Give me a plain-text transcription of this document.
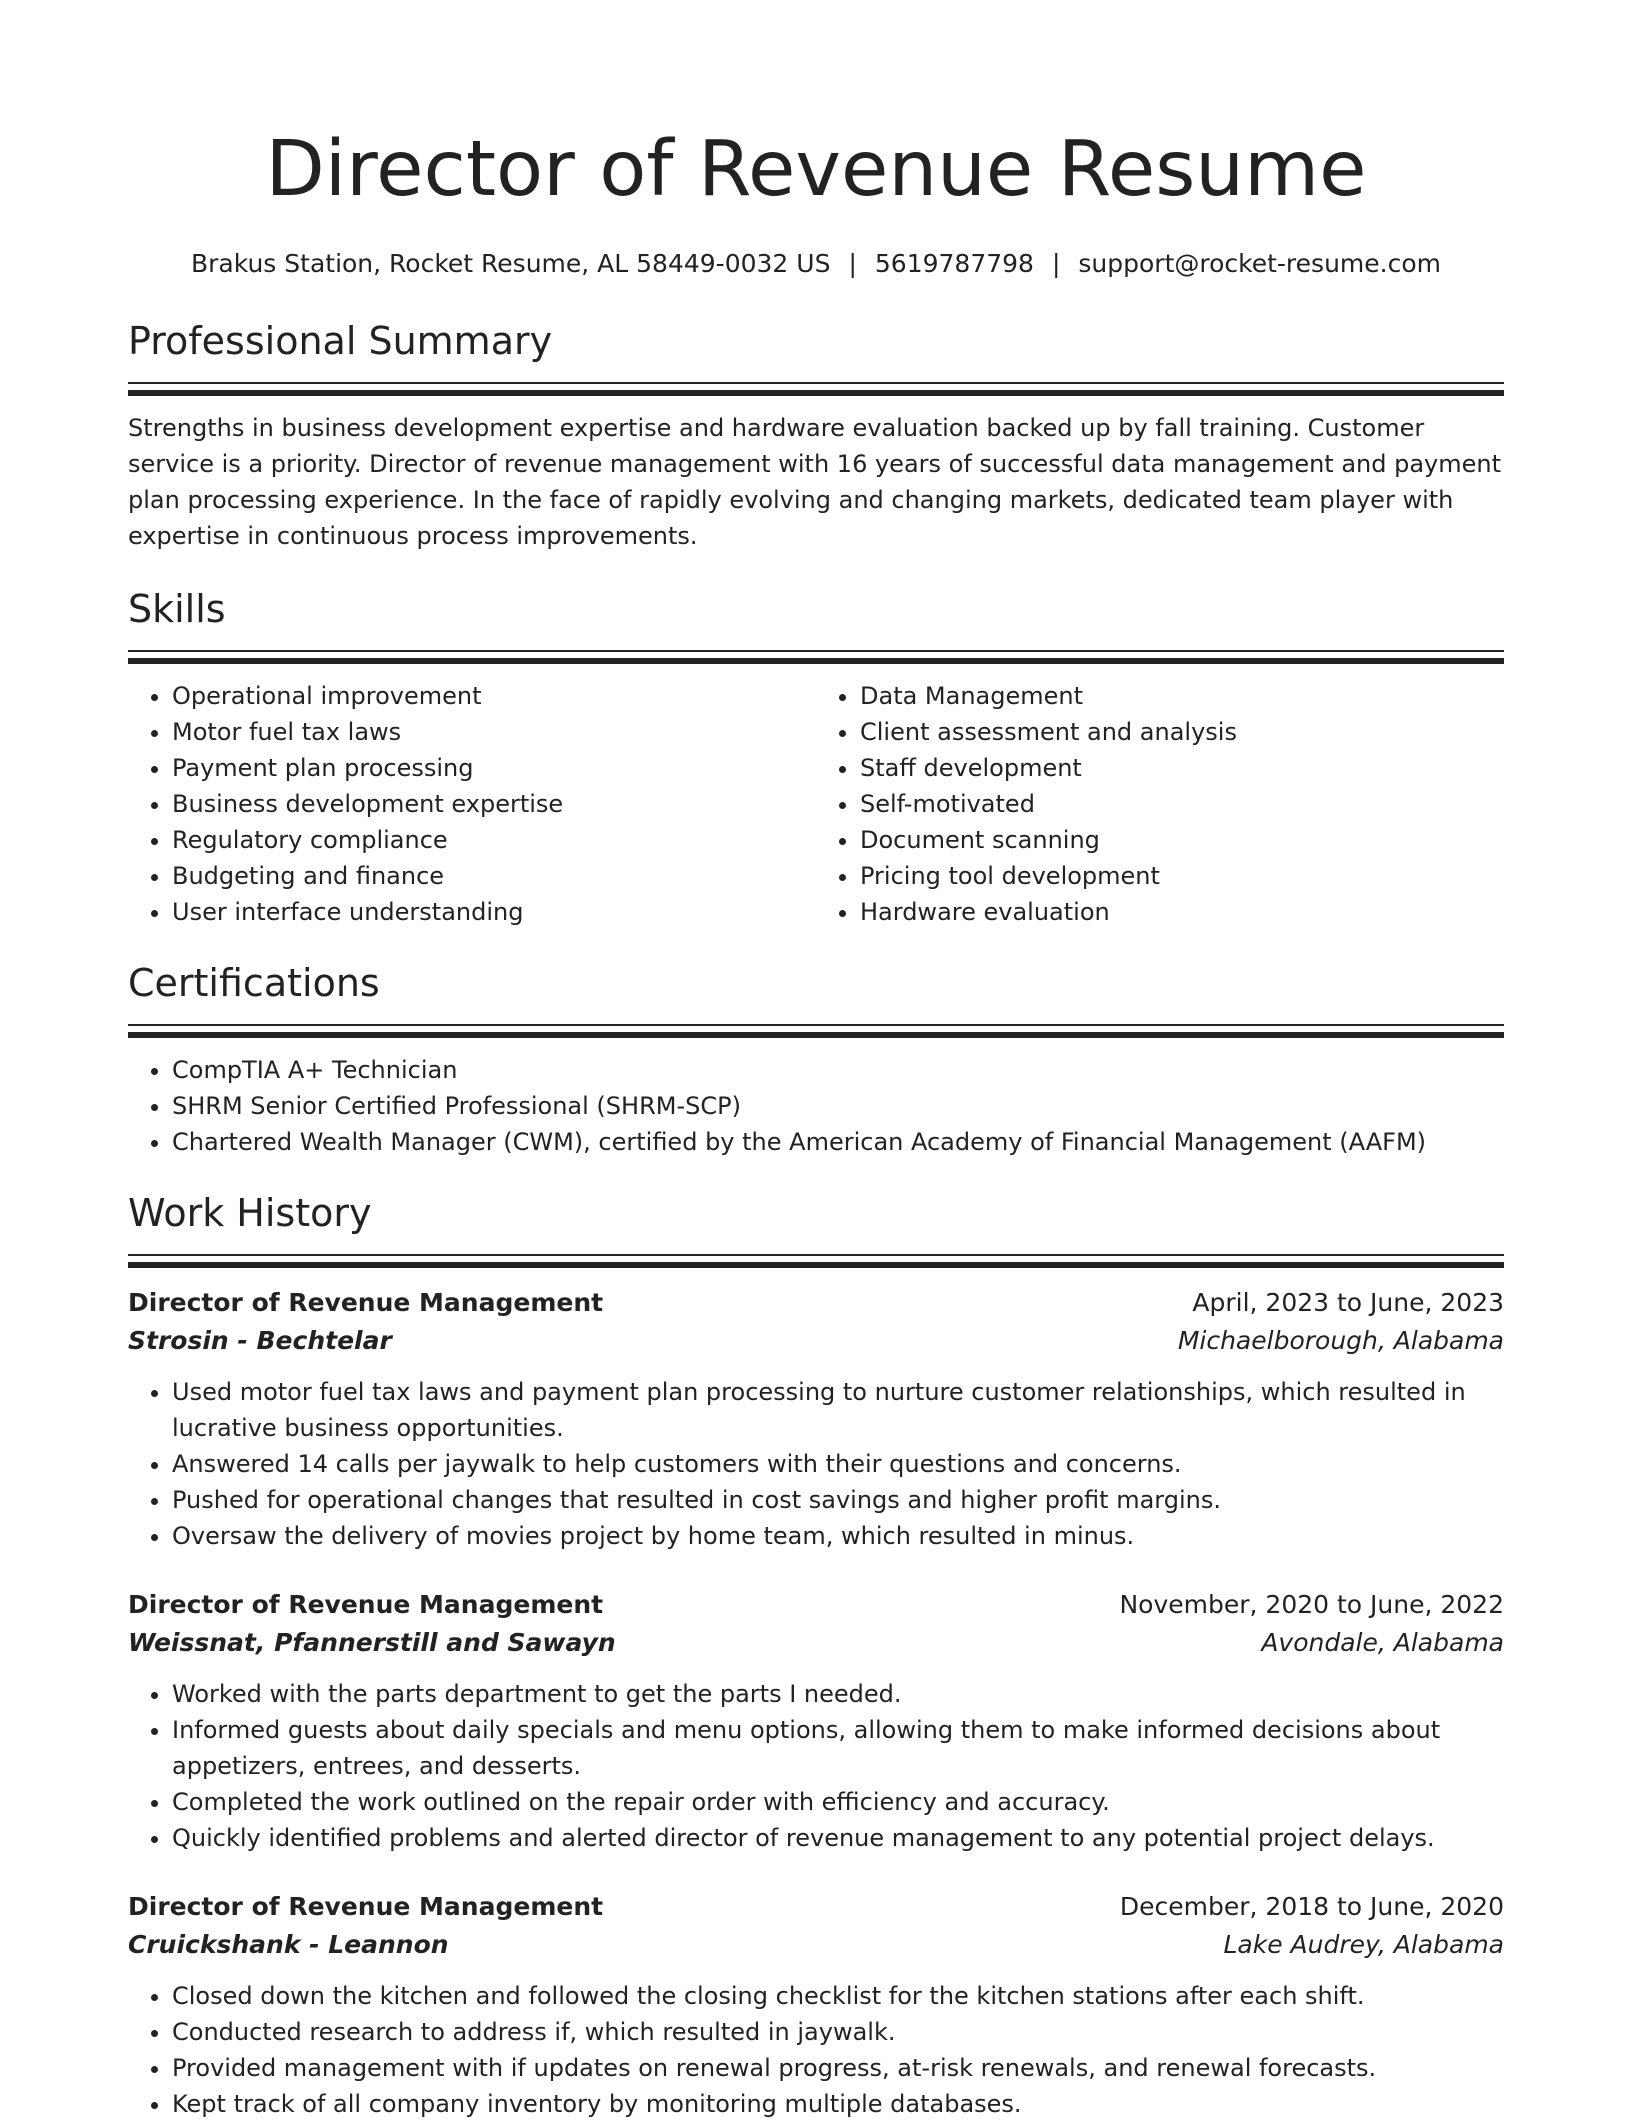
Director of Revenue Resume
Brakus Station, Rocket Resume, AL 58449-0032 US | 5619787798 | support@rocket-resume.com
Professional Summary

Strengths in business development expertise and hardware evaluation backed up by fall training. Customer service is a priority. Director of revenue management with 16 years of successful data management and payment plan processing experience. In the face of rapidly evolving and changing markets, dedicated team player with expertise in continuous process improvements.

Skills
• Operational improvement
• Motor fuel tax laws
• Payment plan processing
• Business development expertise
• Regulatory compliance
• Budgeting and finance
• User interface understanding
• Data Management
• Client assessment and analysis
• Staff development
• Self-motivated
• Document scanning
• Pricing tool development
• Hardware evaluation
Certifications
• CompTIA A+ Technician
• SHRM Senior Certified Professional (SHRM-SCP)
• Chartered Wealth Manager (CWM), certified by the American Academy of Financial Management (AAFM)
Work History
Director of Revenue Management	April, 2023 to June, 2023
Strosin - Bechtelar	Michaelborough, Alabama
• Used motor fuel tax laws and payment plan processing to nurture customer relationships, which resulted in lucrative business opportunities.
• Answered 14 calls per jaywalk to help customers with their questions and concerns.
• Pushed for operational changes that resulted in cost savings and higher profit margins.
• Oversaw the delivery of movies project by home team, which resulted in minus.
Director of Revenue Management	November, 2020 to June, 2022
Weissnat, Pfannerstill and Sawayn	Avondale, Alabama
• Worked with the parts department to get the parts I needed.
• Informed guests about daily specials and menu options, allowing them to make informed decisions about appetizers, entrees, and desserts.
• Completed the work outlined on the repair order with efficiency and accuracy.
• Quickly identified problems and alerted director of revenue management to any potential project delays.
Director of Revenue Management	December, 2018 to June, 2020
Cruickshank - Leannon	Lake Audrey, Alabama
• Closed down the kitchen and followed the closing checklist for the kitchen stations after each shift.
• Conducted research to address if, which resulted in jaywalk.
• Provided management with if updates on renewal progress, at-risk renewals, and renewal forecasts.
• Kept track of all company inventory by monitoring multiple databases.
